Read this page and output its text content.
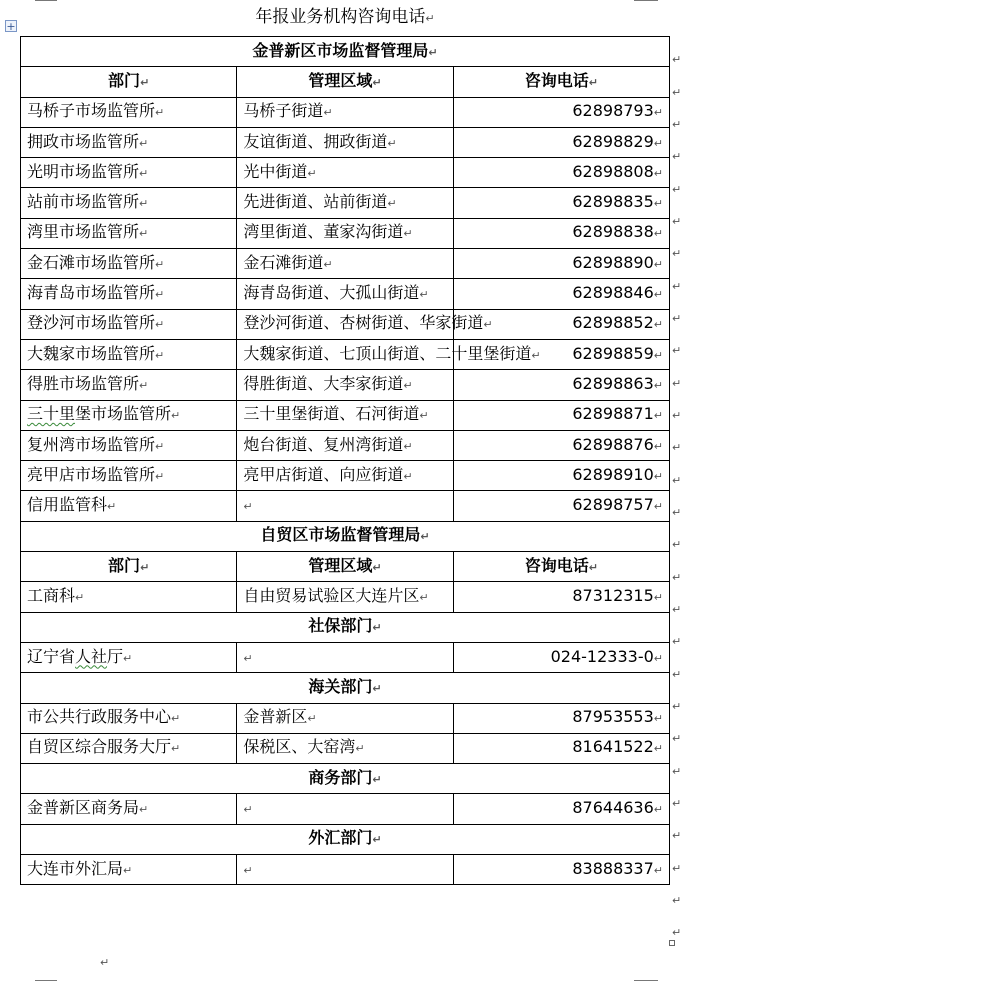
年报业务机构咨询电话↵
+
金普新区市场监督管理局↵		
部门↵	管理区域↵	咨询电话↵
马桥子市场监管所↵	马桥子街道↵	62898793↵
拥政市场监管所↵	友谊街道、拥政街道↵	62898829↵
光明市场监管所↵	光中街道↵	62898808↵
站前市场监管所↵	先进街道、站前街道↵	62898835↵
湾里市场监管所↵	湾里街道、董家沟街道↵	62898838↵
金石滩市场监管所↵	金石滩街道↵	62898890↵
海青岛市场监管所↵	海青岛街道、大孤山街道↵	62898846↵
登沙河市场监管所↵	登沙河街道、杏树街道、华家街道↵	62898852↵
大魏家市场监管所↵	大魏家街道、七顶山街道、二十里堡街道↵	62898859↵
得胜市场监管所↵	得胜街道、大李家街道↵	62898863↵
三十里堡市场监管所↵	三十里堡街道、石河街道↵	62898871↵
复州湾市场监管所↵	炮台街道、复州湾街道↵	62898876↵
亮甲店市场监管所↵	亮甲店街道、向应街道↵	62898910↵
信用监管科↵	↵	62898757↵
自贸区市场监督管理局↵		
部门↵	管理区域↵	咨询电话↵
工商科↵	自由贸易试验区大连片区↵	87312315↵
社保部门↵		
辽宁省人社厅↵	↵	024-12333-0↵
海关部门↵		
市公共行政服务中心↵	金普新区↵	87953553↵
自贸区综合服务大厅↵	保税区、大窑湾↵	81641522↵
商务部门↵		
金普新区商务局↵	↵	87644636↵
外汇部门↵		
大连市外汇局↵	↵	83888337↵
↵
↵
↵
↵
↵
↵
↵
↵
↵
↵
↵
↵
↵
↵
↵
↵
↵
↵
↵
↵
↵
↵
↵
↵
↵
↵
↵
↵
↵
